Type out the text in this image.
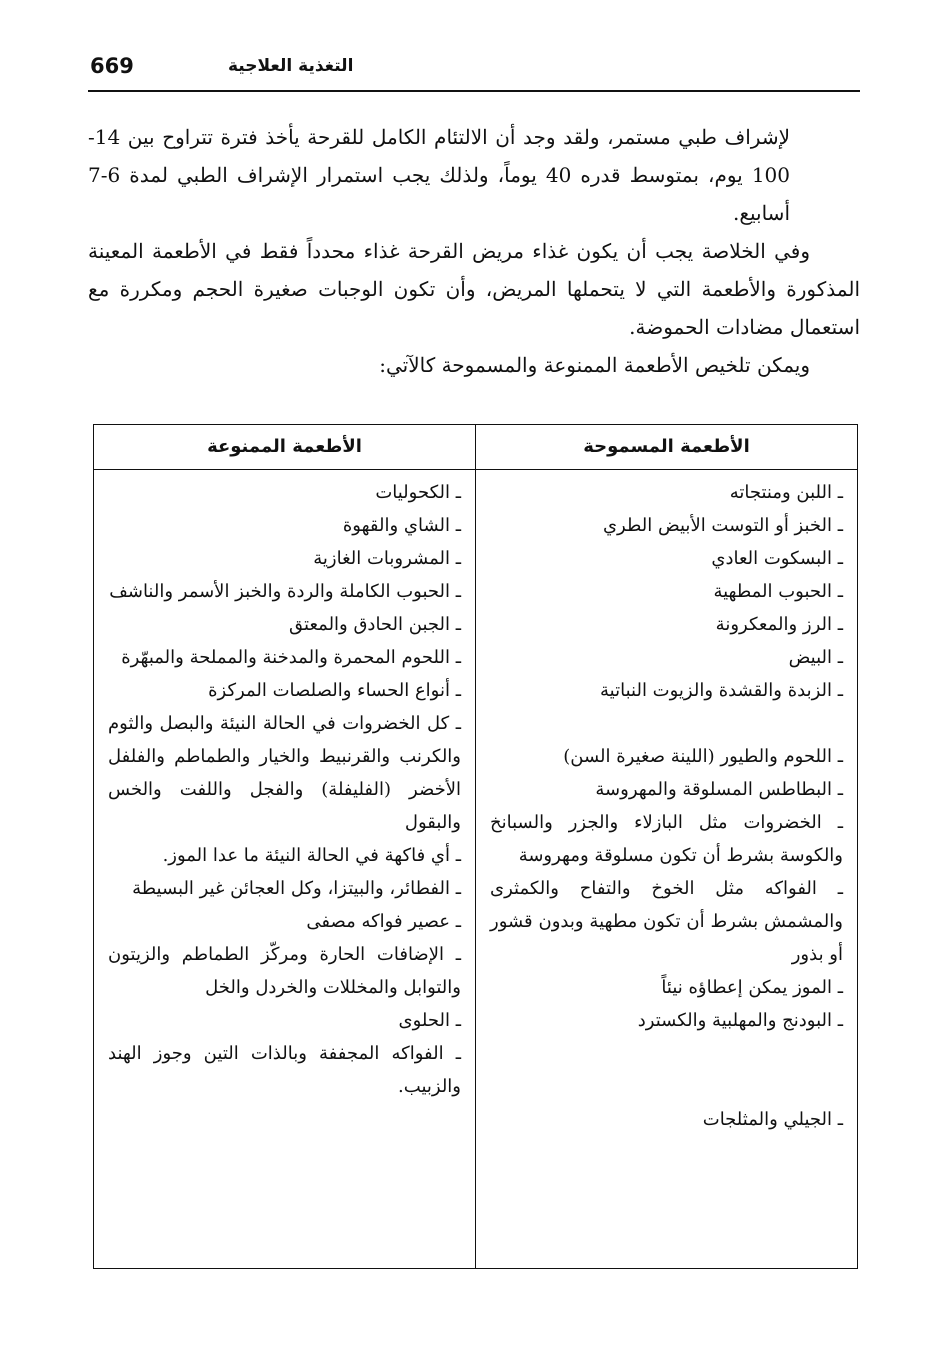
669	التغذية العلاجية

لإشراف طبي مستمر، ولقد وجد أن الالتئام الكامل للقرحة يأخذ فترة تتراوح بين 14-100 يوم، بمتوسط قدره 40 يوماً، ولذلك يجب استمرار الإشراف الطبي لمدة 6-7 أسابيع.

وفي الخلاصة يجب أن يكون غذاء مريض القرحة غذاء محدداً فقط في الأطعمة المعينة المذكورة والأطعمة التي لا يتحملها المريض، وأن تكون الوجبات صغيرة الحجم ومكررة مع استعمال مضادات الحموضة.

ويمكن تلخيص الأطعمة الممنوعة والمسموحة كالآتي:

الأطعمة المسموحة
الأطعمة الممنوعة
ـ اللبن ومنتجاته
ـ الخبز أو التوست الأبيض الطري
ـ البسكوت العادي
ـ الحبوب المطهية
ـ الرز والمعكرونة
ـ البيض
ـ الزبدة والقشدة والزيوت النباتية
ـ اللحوم والطيور (اللينة صغيرة السن)
ـ البطاطس المسلوقة والمهروسة
ـ الخضروات مثل البازلاء والجزر والسبانخ والكوسة بشرط أن تكون مسلوقة ومهروسة
ـ الفواكه مثل الخوخ والتفاح والكمثرى والمشمش بشرط أن تكون مطهية وبدون قشور أو بذور
ـ الموز يمكن إعطاؤه نيئاً
ـ البودنج والمهلبية والكسترد
ـ الجيلي والمثلجات
ـ الكحوليات
ـ الشاي والقهوة
ـ المشروبات الغازية
ـ الحبوب الكاملة والردة والخبز الأسمر والناشف
ـ الجبن الحادق والمعتق
ـ اللحوم المحمرة والمدخنة والمملحة والمبهّرة
ـ أنواع الحساء والصلصات المركزة
ـ كل الخضروات في الحالة النيئة والبصل والثوم والكرنب والقرنبيط والخيار والطماطم والفلفل الأخضر (الفليفلة) والفجل واللفت والخس والبقول
ـ أي فاكهة في الحالة النيئة ما عدا الموز.
ـ الفطائر، والبيتزا، وكل العجائن غير البسيطة
ـ عصير فواكه مصفى
ـ الإضافات الحارة ومركّز الطماطم والزيتون والتوابل والمخللات والخردل والخل
ـ الحلوى
ـ الفواكه المجففة وبالذات التين وجوز الهند والزبيب.
